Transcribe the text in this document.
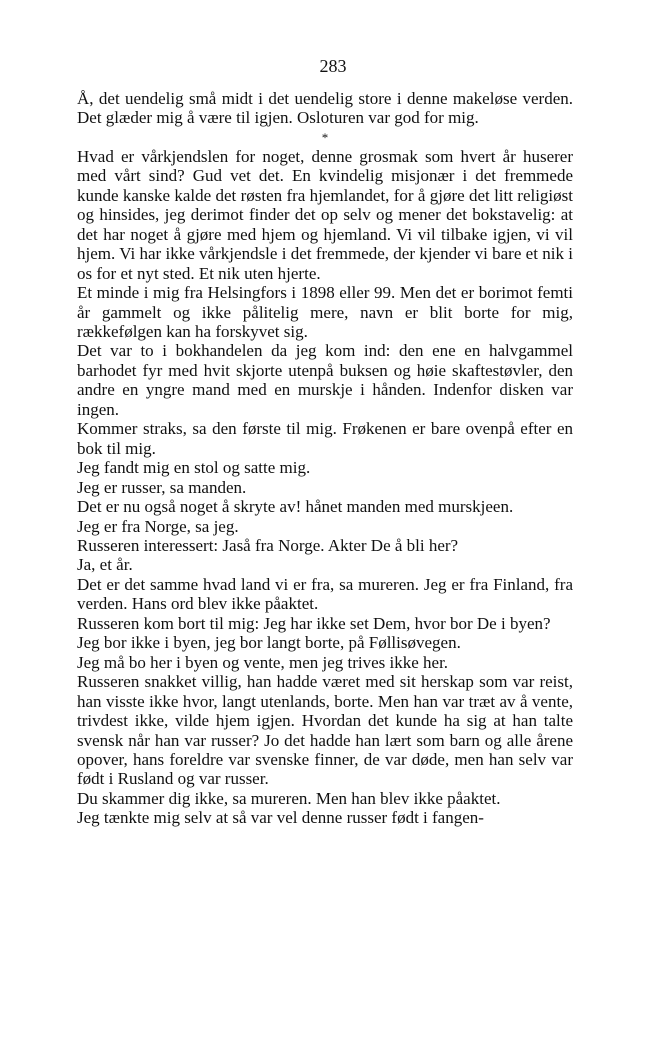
283

Å, det uendelig små midt i det uendelig store i denne makeløse verden. Det glæder mig å være til igjen. Osloturen var god for mig.

*

Hvad er vårkjendslen for noget, denne grosmak som hvert år huserer med vårt sind? Gud vet det. En kvindelig misjonær i det fremmede kunde kanske kalde det røsten fra hjemlandet, for å gjøre det litt religiøst og hinsides, jeg derimot finder det op selv og mener det bokstavelig: at det har noget å gjøre med hjem og hjemland. Vi vil tilbake igjen, vi vil hjem. Vi har ikke vårkjendsle i det fremmede, der kjender vi bare et nik i os for et nyt sted. Et nik uten hjerte.

Et minde i mig fra Helsingfors i 1898 eller 99. Men det er borimot femti år gammelt og ikke pålitelig mere, navn er blit borte for mig, rækkefølgen kan ha forskyvet sig.

Det var to i bokhandelen da jeg kom ind: den ene en halvgammel barhodet fyr med hvit skjorte utenpå buksen og høie skaftestøvler, den andre en yngre mand med en murskje i hånden. Indenfor disken var ingen.

Kommer straks, sa den første til mig. Frøkenen er bare ovenpå efter en bok til mig.

Jeg fandt mig en stol og satte mig.

Jeg er russer, sa manden.

Det er nu også noget å skryte av! hånet manden med murskjeen.

Jeg er fra Norge, sa jeg.

Russeren interessert: Jaså fra Norge. Akter De å bli her?

Ja, et år.

Det er det samme hvad land vi er fra, sa mureren. Jeg er fra Finland, fra verden. Hans ord blev ikke påaktet.

Russeren kom bort til mig: Jeg har ikke set Dem, hvor bor De i byen?

Jeg bor ikke i byen, jeg bor langt borte, på Føllisøvegen.

Jeg må bo her i byen og vente, men jeg trives ikke her.

Russeren snakket villig, han hadde været med sit herskap som var reist, han visste ikke hvor, langt utenlands, borte. Men han var træt av å vente, trivdest ikke, vilde hjem igjen. Hvordan det kunde ha sig at han talte svensk når han var russer? Jo det hadde han lært som barn og alle årene opover, hans foreldre var svenske finner, de var døde, men han selv var født i Rusland og var russer.

Du skammer dig ikke, sa mureren. Men han blev ikke påaktet.

Jeg tænkte mig selv at så var vel denne russer født i fangen-
